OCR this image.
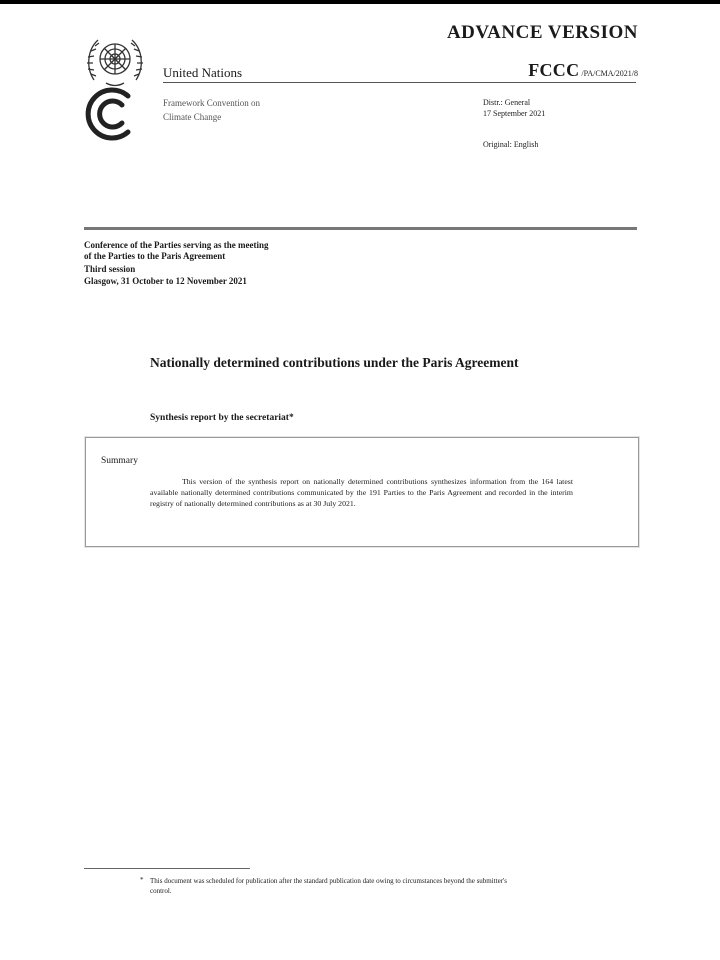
ADVANCE VERSION
United Nations
Framework Convention on
Climate Change
FCCC /PA/CMA/2021/8
Distr.: General
17 September 2021
Original: English
Conference of the Parties serving as the meeting
of the Parties to the Paris Agreement
Third session
Glasgow, 31 October to 12 November 2021
Nationally determined contributions under the Paris Agreement
Synthesis report by the secretariat*
Summary
This version of the synthesis report on nationally determined contributions synthesizes information from the 164 latest available nationally determined contributions communicated by the 191 Parties to the Paris Agreement and recorded in the interim registry of nationally determined contributions as at 30 July 2021.
* This document was scheduled for publication after the standard publication date owing to circumstances beyond the submitter's control.
